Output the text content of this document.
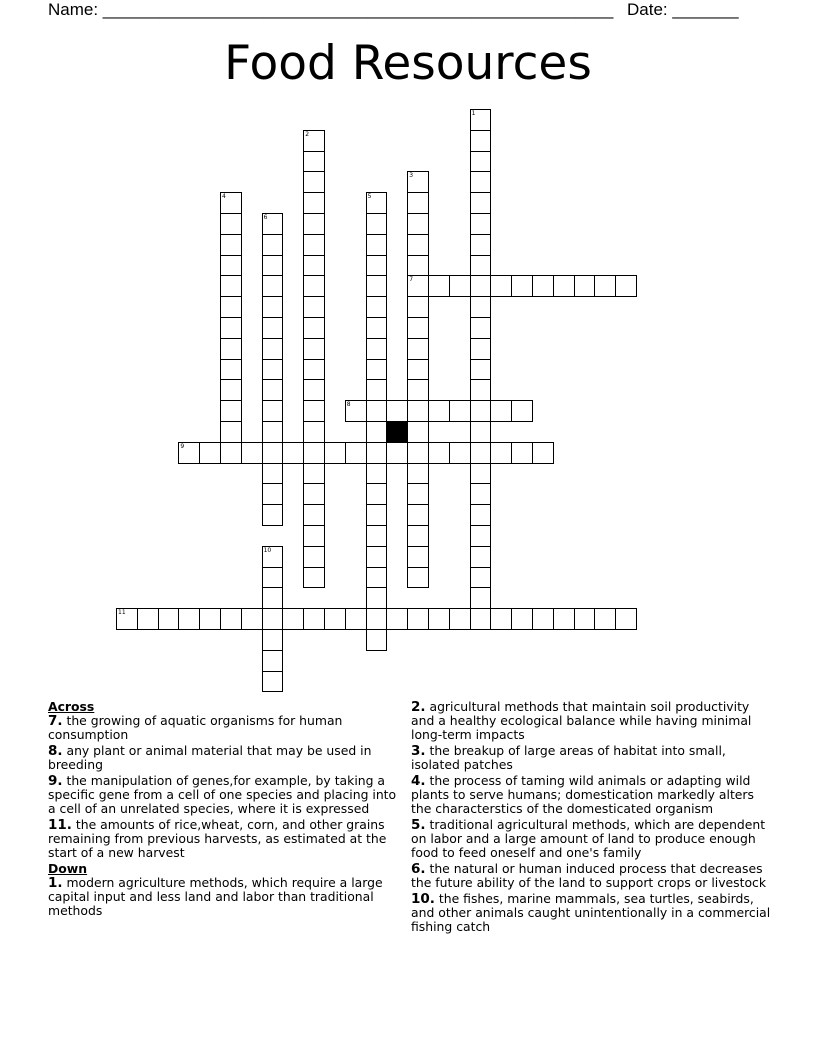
Name: ______________________________________________________ Date: _______
Food Resources
1
2
3
7
4	5
6
8
9
10
11
Across
7. the growing of aquatic organisms for human consumption
8. any plant or animal material that may be used in breeding
9. the manipulation of genes,for example, by taking a specific gene from a cell of one species and placing into a cell of an unrelated species, where it is expressed
11. the amounts of rice,wheat, corn, and other grains remaining from previous harvests, as estimated at the start of a new harvest
Down
1. modern agriculture methods, which require a large capital input and less land and labor than traditional methods
2. agricultural methods that maintain soil productivity and a healthy ecological balance while having minimal long-term impacts
3. the breakup of large areas of habitat into small, isolated patches
4. the process of taming wild animals or adapting wild plants to serve humans; domestication markedly alters the characterstics of the domesticated organism
5. traditional agricultural methods, which are dependent on labor and a large amount of land to produce enough food to feed oneself and one's family
6. the natural or human induced process that decreases the future ability of the land to support crops or livestock
10. the fishes, marine mammals, sea turtles, seabirds, and other animals caught unintentionally in a commercial fishing catch
